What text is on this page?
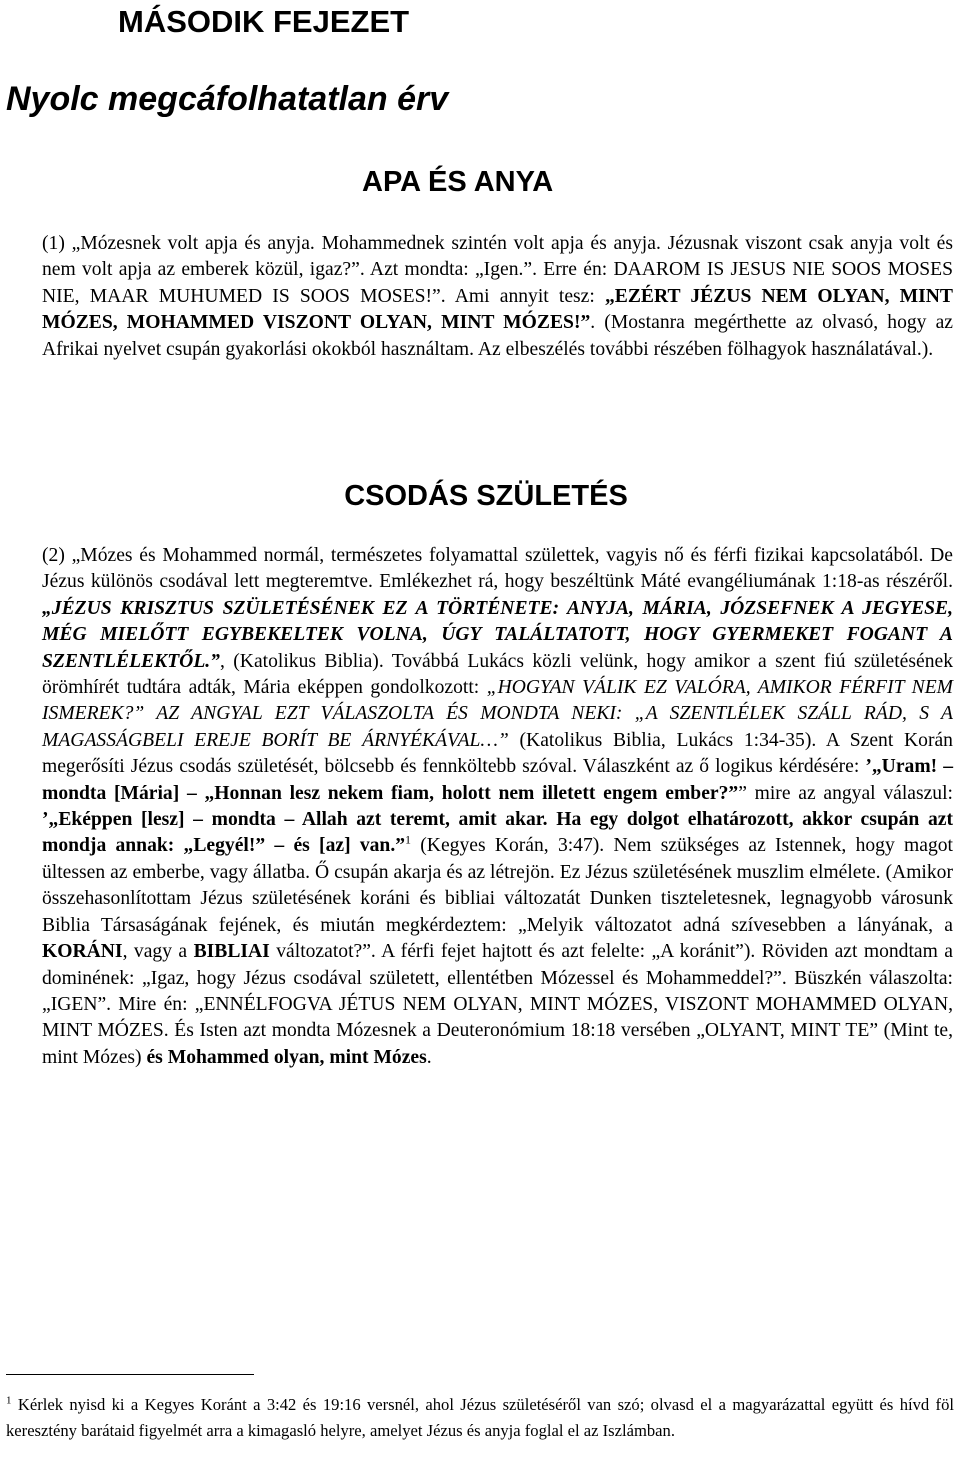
MÁSODIK FEJEZET
Nyolc megcáfolhatatlan érv
APA ÉS ANYA

(1) „Mózesnek volt apja és anyja. Mohammednek szintén volt apja és anyja. Jézusnak viszont csak anyja volt és nem volt apja az emberek közül, igaz?”. Azt mondta: „Igen.”. Erre én: DAAROM IS JESUS NIE SOOS MOSES NIE, MAAR MUHUMED IS SOOS MOSES!”. Ami annyit tesz: „EZÉRT JÉZUS NEM OLYAN, MINT MÓZES, MOHAMMED VISZONT OLYAN, MINT MÓZES!”. (Mostanra megérthette az olvasó, hogy az Afrikai nyelvet csupán gyakorlási okokból használtam. Az elbeszélés további részében fölhagyok használatával.).

CSODÁS SZÜLETÉS

(2) „Mózes és Mohammed normál, természetes folyamattal születtek, vagyis nő és férfi fizikai kapcsolatából. De Jézus különös csodával lett megteremtve. Emlékezhet rá, hogy beszéltünk Máté evangéliumának 1:18-as részéről. „JÉZUS KRISZTUS SZÜLETÉSÉNEK EZ A TÖRTÉNETE: ANYJA, MÁRIA, JÓZSEFNEK A JEGYESE, MÉG MIELŐTT EGYBEKELTEK VOLNA, ÚGY TALÁLTATOTT, HOGY GYERMEKET FOGANT A SZENTLÉLEKTŐL.”, (Katolikus Biblia). Továbbá Lukács közli velünk, hogy amikor a szent fiú születésének örömhírét tudtára adták, Mária eképpen gondolkozott: „HOGYAN VÁLIK EZ VALÓRA, AMIKOR FÉRFIT NEM ISMEREK?” AZ ANGYAL EZT VÁLASZOLTA ÉS MONDTA NEKI: „A SZENTLÉLEK SZÁLL RÁD, S A MAGASSÁGBELI EREJE BORÍT BE ÁRNYÉKÁVAL…” (Katolikus Biblia, Lukács 1:34-35). A Szent Korán megerősíti Jézus csodás születését, bölcsebb és fennköltebb szóval. Válaszként az ő logikus kérdésére: ’„Uram! – mondta [Mária] – „Honnan lesz nekem fiam, holott nem illetett engem ember?”” mire az angyal válaszul: ’„Eképpen [lesz] – mondta – Allah azt teremt, amit akar. Ha egy dolgot elhatározott, akkor csupán azt mondja annak: „Legyél!” – és [az] van.”$^1$ (Kegyes Korán, 3:47). Nem szükséges az Istennek, hogy magot ültessen az emberbe, vagy állatba. Ő csupán akarja és az létrejön. Ez Jézus születésének muszlim elmélete. (Amikor összehasonlítottam Jézus születésének koráni és bibliai változatát Dunken tiszteletesnek, legnagyobb városunk Biblia Társaságának fejének, és miután megkérdeztem: „Melyik változatot adná szívesebben a lányának, a KORÁNI, vagy a BIBLIAI változatot?”. A férfi fejet hajtott és azt felelte: „A koránit”). Röviden azt mondtam a dominének: „Igaz, hogy Jézus csodával született, ellentétben Mózessel és Mohammeddel?”. Büszkén válaszolta: „IGEN”. Mire én: „ENNÉLFOGVA JÉTUS NEM OLYAN, MINT MÓZES, VISZONT MOHAMMED OLYAN, MINT MÓZES. És Isten azt mondta Mózesnek a Deuteronómium 18:18 versében „OLYANT, MINT TE” (Mint te, mint Mózes) és Mohammed olyan, mint Mózes.

$^1$ Kérlek nyisd ki a Kegyes Koránt a 3:42 és 19:16 versnél, ahol Jézus születéséről van szó; olvasd el a magyarázattal együtt és hívd föl keresztény barátaid figyelmét arra a kimagasló helyre, amelyet Jézus és anyja foglal el az Iszlámban.
